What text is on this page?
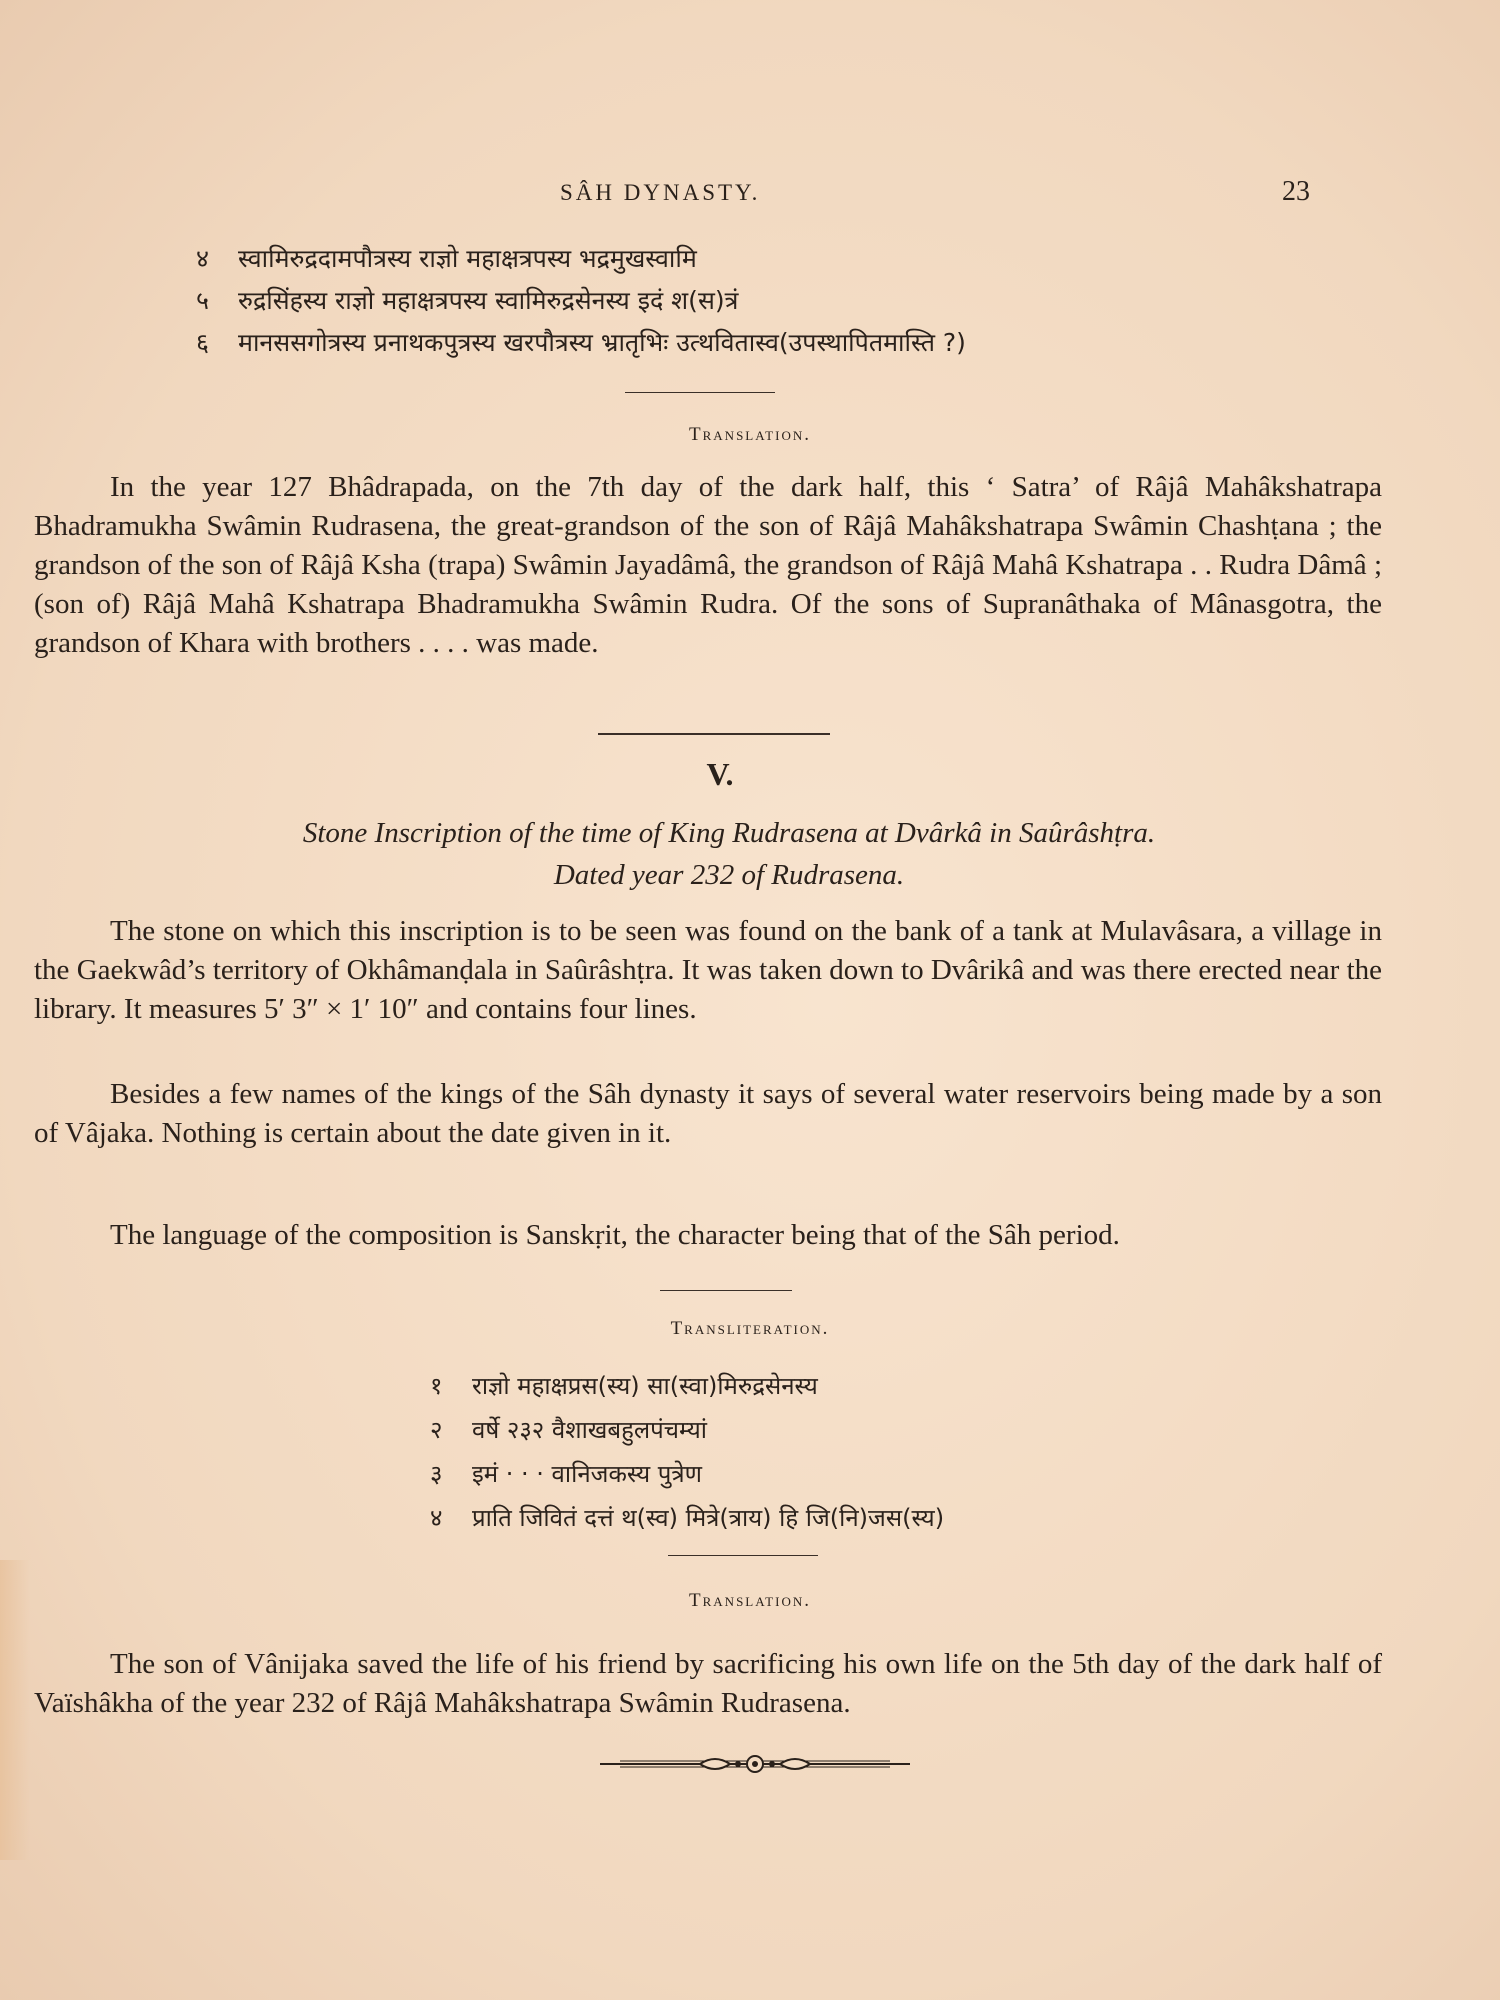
SÂH DYNASTY.	23
४ स्वामिरुद्रदामपौत्रस्य राज्ञो महाक्षत्रपस्य भद्रमुखस्वामि
५ रुद्रसिंहस्य राज्ञो महाक्षत्रपस्य स्वामिरुद्रसेनस्य इदं श(स)त्रं
६ मानससगोत्रस्य प्रनाथकपुत्रस्य खरपौत्रस्य भ्रातृभिः उत्थवितास्व(उपस्थापितमास्ति ?)
Translation.
In the year 127 Bhâdrapada, on the 7th day of the dark half, this ‘ Satra’ of Râjâ Mahâkshatrapa Bhadramukha Swâmin Rudrasena, the great-grandson of the son of Râjâ Mahâkshatrapa Swâmin Chashṭana ; the grandson of the son of Râjâ Ksha (trapa) Swâmin Jayadâmâ, the grandson of Râjâ Mahâ Kshatrapa . . Rudra Dâmâ ; (son of) Râjâ Mahâ Kshatrapa Bhadramukha Swâmin Rudra. Of the sons of Supranâthaka of Mânasgotra, the grandson of Khara with brothers . . . . was made.
V.
Stone Inscription of the time of King Rudrasena at Dvârkâ in Saûrâshṭra.
Dated year 232 of Rudrasena.
The stone on which this inscription is to be seen was found on the bank of a tank at Mulavâsara, a village in the Gaekwâd’s territory of Okhâmanḍala in Saûrâshṭra. It was taken down to Dvârikâ and was there erected near the library. It measures 5′ 3″ × 1′ 10″ and contains four lines.
Besides a few names of the kings of the Sâh dynasty it says of several water reservoirs being made by a son of Vâjaka. Nothing is certain about the date given in it.
The language of the composition is Sanskṛit, the character being that of the Sâh period.
Transliteration.
१ राज्ञो महाक्षप्रस(स्य) सा(स्वा)मिरुद्रसेनस्य
२ वर्षे २३२ वैशाखबहुलपंचम्यां
३ इमं · · · वानिजकस्य पुत्रेण
४ प्राति जिवितं दत्तं थ(स्व) मित्रे(त्राय) हि जि(नि)जस(स्य)
Translation.
The son of Vânijaka saved the life of his friend by sacrificing his own life on the 5th day of the dark half of Vaïshâkha of the year 232 of Râjâ Mahâkshatrapa Swâmin Rudrasena.
